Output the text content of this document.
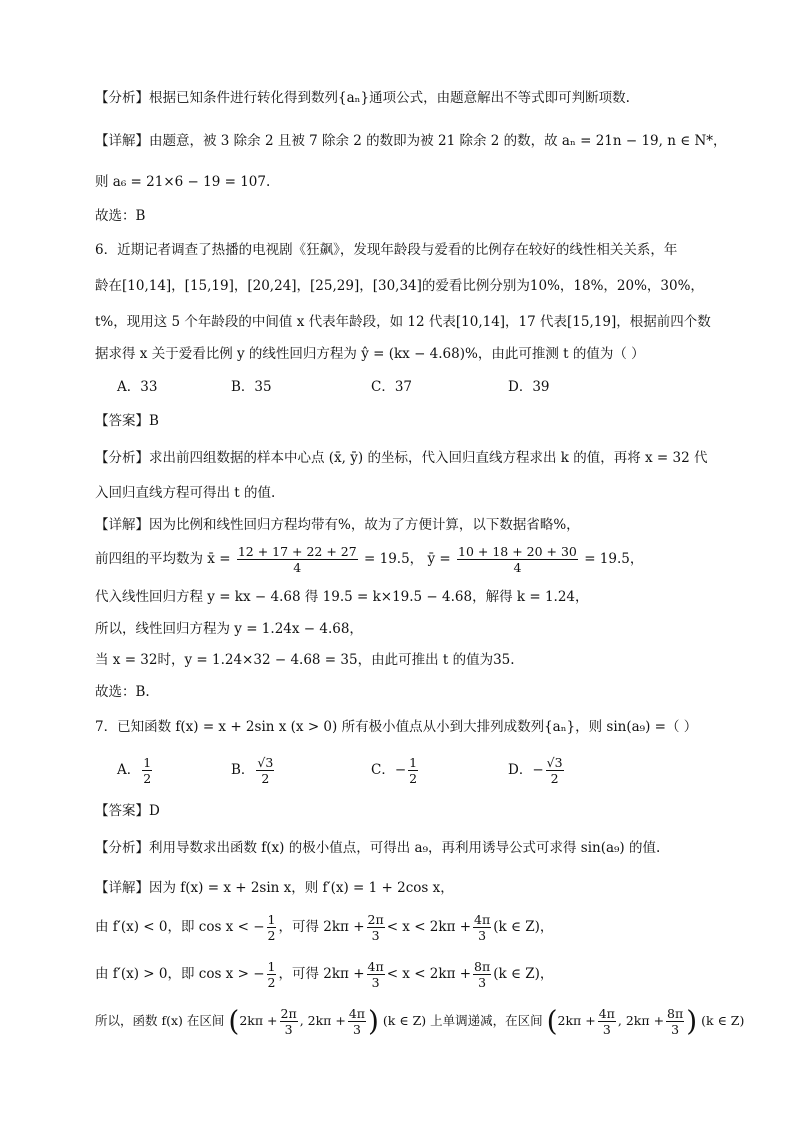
【分析】根据已知条件进行转化得到数列{aₙ}通项公式，由题意解出不等式即可判断项数.
【详解】由题意，被 3 除余 2 且被 7 除余 2 的数即为被 21 除余 2 的数，故 aₙ = 21n − 19, n ∈ N*，
则 a₆ = 21×6 − 19 = 107.
故选：B
6．近期记者调查了热播的电视剧《狂飙》，发现年龄段与爱看的比例存在较好的线性相关关系，年
龄在[10,14]，[15,19]，[20,24]，[25,29]，[30,34]的爱看比例分别为10%，18%，20%，30%，
t%，现用这 5 个年龄段的中间值 x 代表年龄段，如 12 代表[10,14]，17 代表[15,19]，根据前四个数
据求得 x 关于爱看比例 y 的线性回归方程为 ŷ = (kx − 4.68)%，由此可推测 t 的值为（ ）
A．33	B．35	C．37	D．39
【答案】B
【分析】求出前四组数据的样本中心点 (x̄, ȳ) 的坐标，代入回归直线方程求出 k 的值，再将 x = 32 代
入回归直线方程可得出 t 的值.
【详解】因为比例和线性回归方程均带有%，故为了方便计算，以下数据省略%，
前四组的平均数为 x̄ = $\frac{12 + 17 + 22 + 27}{4} = 19.5$， ȳ = $\frac{10 + 18 + 20 + 30}{4} = 19.5$，
代入线性回归方程 y = kx − 4.68 得 19.5 = k×19.5 − 4.68，解得 k = 1.24，
所以，线性回归方程为 y = 1.24x − 4.68，
当 x = 32时，y = 1.24×32 − 4.68 = 35，由此可推出 t 的值为35.
故选：B.
7．已知函数 f(x) = x + 2sin x (x > 0) 所有极小值点从小到大排列成数列{aₙ}，则 sin(a₉) =（ ）
A． $\frac{1}{2}$	B． $\frac{√3}{2}$	C．− $\frac{1}{2}$	D．− $\frac{√3}{2}$
【答案】D
【分析】利用导数求出函数 f(x) 的极小值点，可得出 a₉，再利用诱导公式可求得 sin(a₉) 的值.
【详解】因为 f(x) = x + 2sin x，则 f′(x) = 1 + 2cos x，
由 f′(x) < 0，即 cos x < − $\frac{1}{2}$ ，可得 $2k\pi + \frac{2\pi}{3} < x < 2k\pi + \frac{4\pi}{3} (k$ ∈ Z)，
由 f′(x) > 0，即 cos x > − $\frac{1}{2}$ ，可得 $2k\pi + \frac{4\pi}{3} < x < 2k\pi + \frac{8\pi}{3} (k$ ∈ Z)，
所以，函数 f(x) 在区间 ($2k\pi + \frac{2\pi}{3}$ , $2k\pi + \frac{4\pi}{3}$ ) (k ∈ Z) 上单调递减，在区间 ($2k\pi + \frac{4\pi}{3}$ , $2k\pi + \frac{8\pi}{3}$ ) (k ∈ Z)
